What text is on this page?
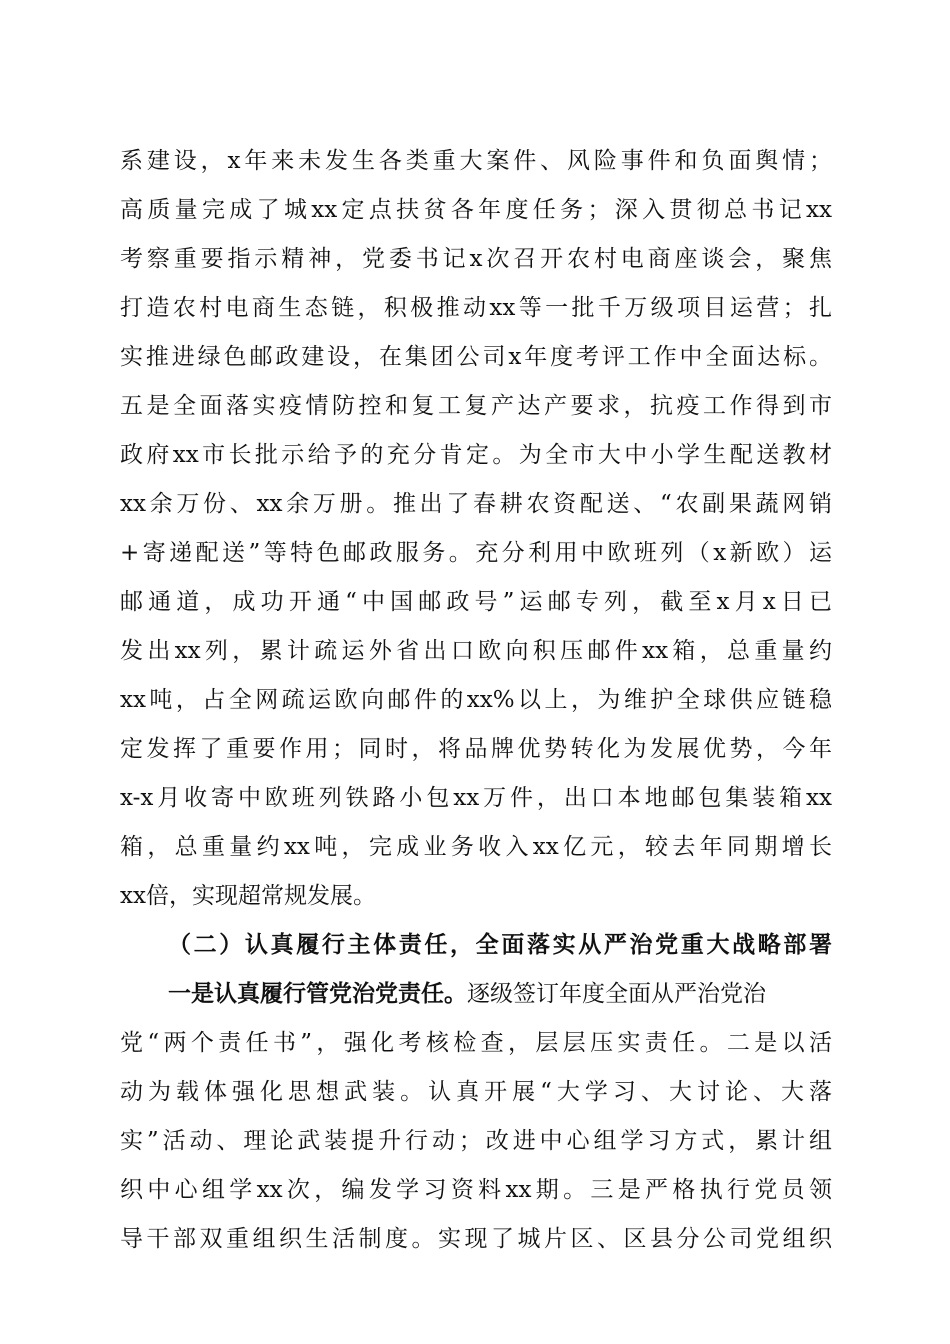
系建设，x年来未发生各类重大案件、风险事件和负面舆情；
高质量完成了城xx定点扶贫各年度任务；深入贯彻总书记xx
考察重要指示精神，党委书记x次召开农村电商座谈会，聚焦
打造农村电商生态链，积极推动xx等一批千万级项目运营；扎
实推进绿色邮政建设，在集团公司x年度考评工作中全面达标。
五是全面落实疫情防控和复工复产达产要求，抗疫工作得到市
政府xx市长批示给予的充分肯定。为全市大中小学生配送教材
xx余万份、xx余万册。推出了春耕农资配送、“农副果蔬网销
+寄递配送”等特色邮政服务。充分利用中欧班列（x新欧）运
邮通道，成功开通“中国邮政号”运邮专列，截至x月x日已
发出xx列，累计疏运外省出口欧向积压邮件xx箱，总重量约
xx吨，占全网疏运欧向邮件的xx%以上，为维护全球供应链稳
定发挥了重要作用；同时，将品牌优势转化为发展优势，今年
x-x月收寄中欧班列铁路小包xx万件，出口本地邮包集装箱xx
箱，总重量约xx吨，完成业务收入xx亿元，较去年同期增长
xx倍，实现超常规发展。
（二）认真履行主体责任，全面落实从严治党重大战略部署
一是认真履行管党治党责任。逐级签订年度全面从严治党治
党“两个责任书”，强化考核检查，层层压实责任。二是以活
动为载体强化思想武装。认真开展“大学习、大讨论、大落
实”活动、理论武装提升行动；改进中心组学习方式，累计组
织中心组学xx次，编发学习资料xx期。三是严格执行党员领
导干部双重组织生活制度。实现了城片区、区县分公司党组织
